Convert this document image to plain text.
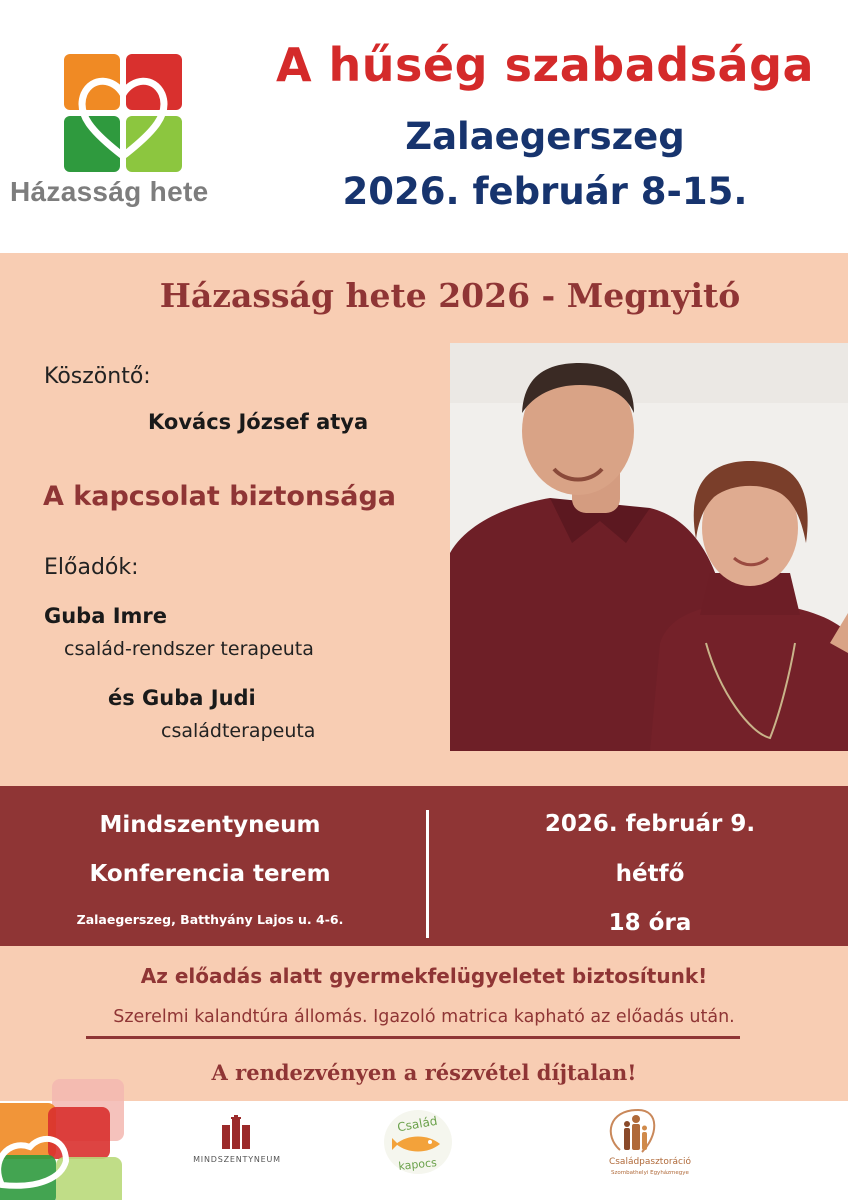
Házasság hete
A hűség szabadsága
Zalaegerszeg
2026. február 8-15.
Házasság hete 2026 - Megnyitó
Köszöntő:
Kovács József atya
A kapcsolat biztonsága
Előadók:
Guba Imre
család-rendszer terapeuta
és Guba Judi
családterapeuta
Mindszentyneum
Konferencia terem
Zalaegerszeg, Batthyány Lajos u. 4-6.
2026. február 9.
hétfő
18 óra
Az előadás alatt gyermekfelügyeletet biztosítunk!
Szerelmi kalandtúra állomás. Igazoló matrica kapható az előadás után.
A rendezvényen a részvétel díjtalan!
MINDSZENTYNEUM
Család
kapocs	Családpasztoráció
Szombathelyi Egyházmegye
